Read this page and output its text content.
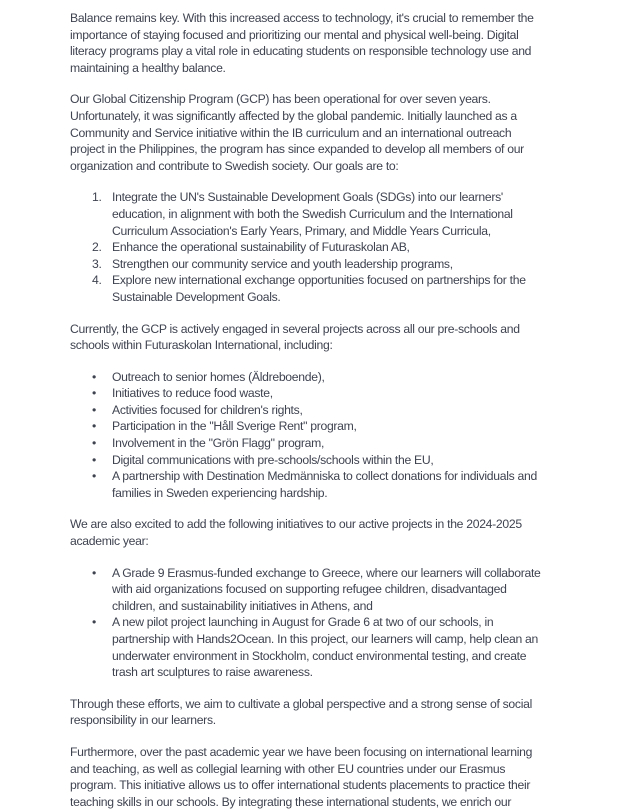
Balance remains key. With this increased access to technology, it's crucial to remember the
importance of staying focused and prioritizing our mental and physical well-being. Digital
literacy programs play a vital role in educating students on responsible technology use and
maintaining a healthy balance.
Our Global Citizenship Program (GCP) has been operational for over seven years.
Unfortunately, it was significantly affected by the global pandemic. Initially launched as a
Community and Service initiative within the IB curriculum and an international outreach
project in the Philippines, the program has since expanded to develop all members of our
organization and contribute to Swedish society. Our goals are to:
1. Integrate the UN's Sustainable Development Goals (SDGs) into our learners'
education, in alignment with both the Swedish Curriculum and the International
Curriculum Association's Early Years, Primary, and Middle Years Curricula,
2. Enhance the operational sustainability of Futuraskolan AB,
3. Strengthen our community service and youth leadership programs,
4. Explore new international exchange opportunities focused on partnerships for the
Sustainable Development Goals.
Currently, the GCP is actively engaged in several projects across all our pre-schools and
schools within Futuraskolan International, including:
•	Outreach to senior homes (Äldreboende),
•	Initiatives to reduce food waste,
•	Activities focused for children's rights,
•	Participation in the "Håll Sverige Rent" program,
•	Involvement in the "Grön Flagg" program,
•	Digital communications with pre-schools/schools within the EU,
•	A partnership with Destination Medmänniska to collect donations for individuals and
families in Sweden experiencing hardship.
We are also excited to add the following initiatives to our active projects in the 2024-2025
academic year:
•	A Grade 9 Erasmus-funded exchange to Greece, where our learners will collaborate
with aid organizations focused on supporting refugee children, disadvantaged
children, and sustainability initiatives in Athens, and
•	A new pilot project launching in August for Grade 6 at two of our schools, in
partnership with Hands2Ocean. In this project, our learners will camp, help clean an
underwater environment in Stockholm, conduct environmental testing, and create
trash art sculptures to raise awareness.
Through these efforts, we aim to cultivate a global perspective and a strong sense of social
responsibility in our learners.
Furthermore, over the past academic year we have been focusing on international learning
and teaching, as well as collegial learning with other EU countries under our Erasmus
program. This initiative allows us to offer international students placements to practice their
teaching skills in our schools. By integrating these international students, we enrich our
